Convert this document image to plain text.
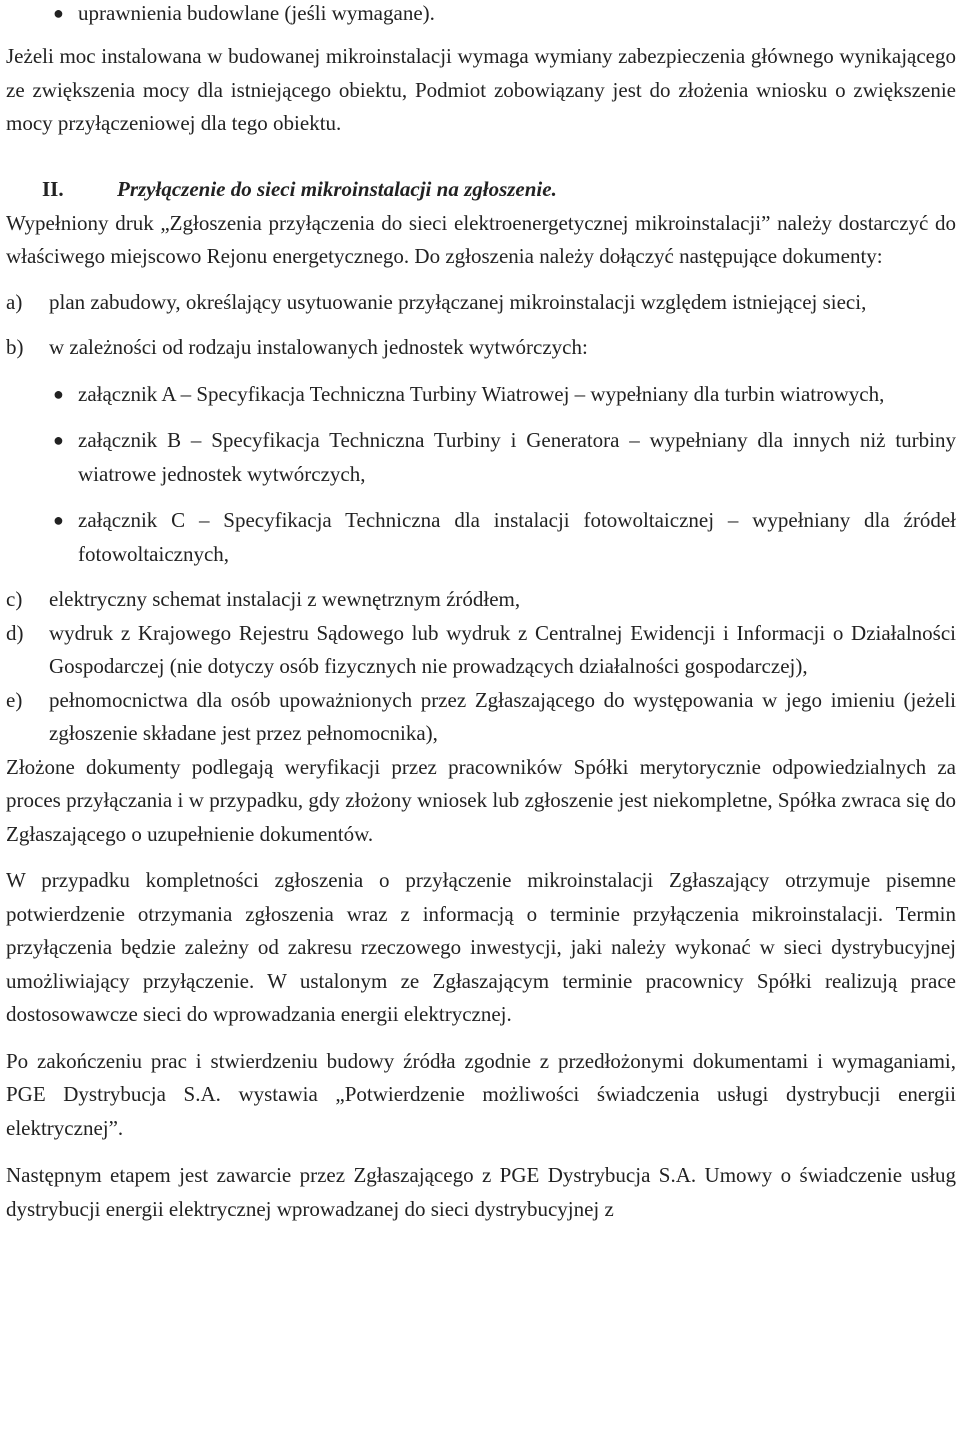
● uprawnienia budowlane (jeśli wymagane).

Jeżeli moc instalowana w budowanej mikroinstalacji wymaga wymiany zabezpieczenia głównego wynikającego ze zwiększenia mocy dla istniejącego obiektu, Podmiot zobowiązany jest do złożenia wniosku o zwiększenie mocy przyłączeniowej dla tego obiektu.

II.	Przyłączenie do sieci mikroinstalacji na zgłoszenie.

Wypełniony druk „Zgłoszenia przyłączenia do sieci elektroenergetycznej mikroinstalacji” należy dostarczyć do właściwego miejscowo Rejonu energetycznego. Do zgłoszenia należy dołączyć następujące dokumenty:

a) plan zabudowy, określający usytuowanie przyłączanej mikroinstalacji względem istniejącej sieci,
b) w zależności od rodzaju instalowanych jednostek wytwórczych:
● załącznik A – Specyfikacja Techniczna Turbiny Wiatrowej – wypełniany dla turbin wiatrowych,
● załącznik B – Specyfikacja Techniczna Turbiny i Generatora – wypełniany dla innych niż turbiny wiatrowe jednostek wytwórczych,
● załącznik C – Specyfikacja Techniczna dla instalacji fotowoltaicznej – wypełniany dla źródeł fotowoltaicznych,
c) elektryczny schemat instalacji z wewnętrznym źródłem,
d) wydruk z Krajowego Rejestru Sądowego lub wydruk z Centralnej Ewidencji i Informacji o Działalności Gospodarczej (nie dotyczy osób fizycznych nie prowadzących działalności gospodarczej),
e) pełnomocnictwa dla osób upoważnionych przez Zgłaszającego do występowania w jego imieniu (jeżeli zgłoszenie składane jest przez pełnomocnika),

Złożone dokumenty podlegają weryfikacji przez pracowników Spółki merytorycznie odpowiedzialnych za proces przyłączania i w przypadku, gdy złożony wniosek lub zgłoszenie jest niekompletne, Spółka zwraca się do Zgłaszającego o uzupełnienie dokumentów.

W przypadku kompletności zgłoszenia o przyłączenie mikroinstalacji Zgłaszający otrzymuje pisemne potwierdzenie otrzymania zgłoszenia wraz z informacją o terminie przyłączenia mikroinstalacji. Termin przyłączenia będzie zależny od zakresu rzeczowego inwestycji, jaki należy wykonać w sieci dystrybucyjnej umożliwiający przyłączenie. W ustalonym ze Zgłaszającym terminie pracownicy Spółki realizują prace dostosowawcze sieci do wprowadzania energii elektrycznej.

Po zakończeniu prac i stwierdzeniu budowy źródła zgodnie z przedłożonymi dokumentami i wymaganiami, PGE Dystrybucja S.A. wystawia „Potwierdzenie możliwości świadczenia usługi dystrybucji energii elektrycznej”.

Następnym etapem jest zawarcie przez Zgłaszającego z PGE Dystrybucja S.A. Umowy o świadczenie usług dystrybucji energii elektrycznej wprowadzanej do sieci dystrybucyjnej z
